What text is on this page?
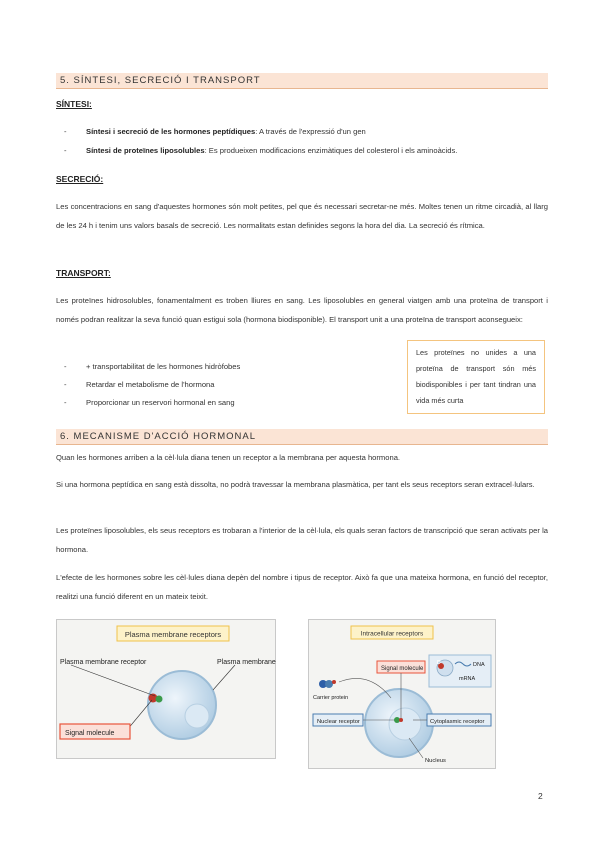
5. SÍNTESI, SECRECIÓ I TRANSPORT
SÍNTESI:
-	Síntesi i secreció de les hormones peptídiques: A través de l'expressió d'un gen
-	Síntesi de proteïnes liposolubles: Es produeixen modificacions enzimàtiques del colesterol i els aminoàcids.
SECRECIÓ:
Les concentracions en sang d'aquestes hormones són molt petites, pel que és necessari secretar-ne més. Moltes tenen un ritme circadià, al llarg de les 24 h i tenim uns valors basals de secreció. Les normalitats estan definides segons la hora del dia. La secreció és rítmica.
TRANSPORT:
Les proteïnes hidrosolubles, fonamentalment es troben lliures en sang. Les liposolubles en general viatgen amb una proteïna de transport i només podran realitzar la seva funció quan estigui sola (hormona biodisponible). El transport unit a una proteïna de transport aconsegueix:
-	+ transportabilitat de les hormones hidròfobes
-	Retardar el metabolisme de l'hormona
-	Proporcionar un reservori hormonal en sang
Les proteïnes no unides a una proteïna de transport són més biodisponibles i per tant tindran una vida més curta
6. MECANISME D'ACCIÓ HORMONAL
Quan les hormones arriben a la cèl·lula diana tenen un receptor a la membrana per aquesta hormona.
Si una hormona peptídica en sang està dissolta, no podrà travessar la membrana plasmàtica, per tant els seus receptors seran extracel·lulars.
Les proteïnes liposolubles, els seus receptors es trobaran a l'interior de la cèl·lula, els quals seran factors de transcripció que seran activats per la hormona.
L'efecte de les hormones sobre les cèl·lules diana depèn del nombre i tipus de receptor. Això fa que una mateixa hormona, en funció del receptor, realitzi una funció diferent en un mateix teixit.
Plasma membrane receptors
Plasma membrane receptor	Plasma membrane
Signal molecule
Intracellular receptors
Signal molecule
D	DNA
mRNA
Carrier protein
Nuclear receptor	Cytoplasmic receptor
Nucleus
2
